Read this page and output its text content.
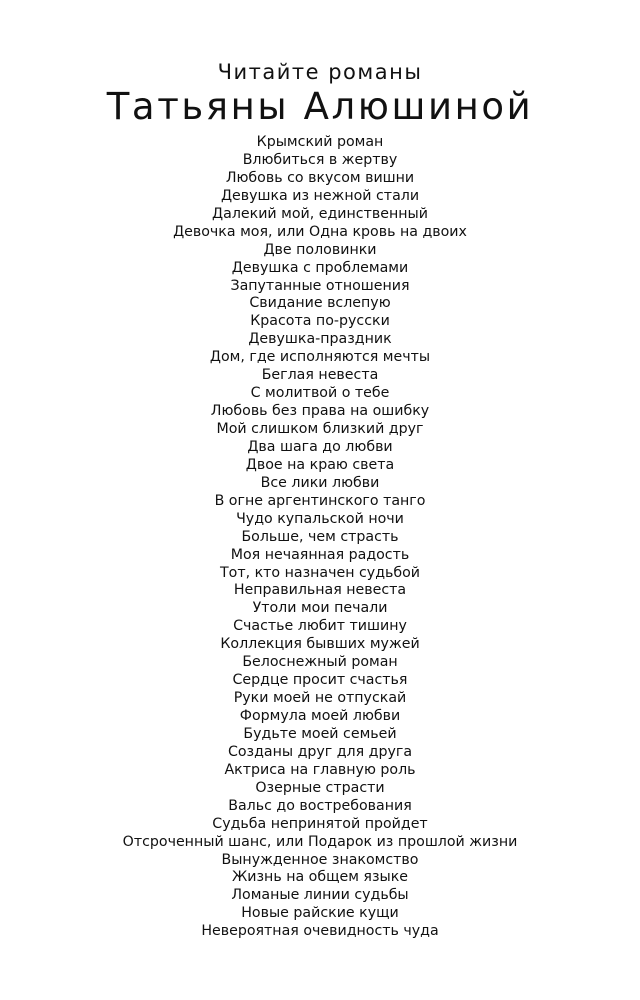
Читайте романы
Татьяны Алюшиной
Крымский роман
Влюбиться в жертву
Любовь со вкусом вишни
Девушка из нежной стали
Далекий мой, единственный
Девочка моя, или Одна кровь на двоих
Две половинки
Девушка с проблемами
Запутанные отношения
Свидание вслепую
Красота по-русски
Девушка-праздник
Дом, где исполняются мечты
Беглая невеста
С молитвой о тебе
Любовь без права на ошибку
Мой слишком близкий друг
Два шага до любви
Двое на краю света
Все лики любви
В огне аргентинского танго
Чудо купальской ночи
Больше, чем страсть
Моя нечаянная радость
Тот, кто назначен судьбой
Неправильная невеста
Утоли мои печали
Счастье любит тишину
Коллекция бывших мужей
Белоснежный роман
Сердце просит счастья
Руки моей не отпускай
Формула моей любви
Будьте моей семьей
Созданы друг для друга
Актриса на главную роль
Озерные страсти
Вальс до востребования
Судьба непринятой пройдет
Отсроченный шанс, или Подарок из прошлой жизни
Вынужденное знакомство
Жизнь на общем языке
Ломаные линии судьбы
Новые райские кущи
Невероятная очевидность чуда
